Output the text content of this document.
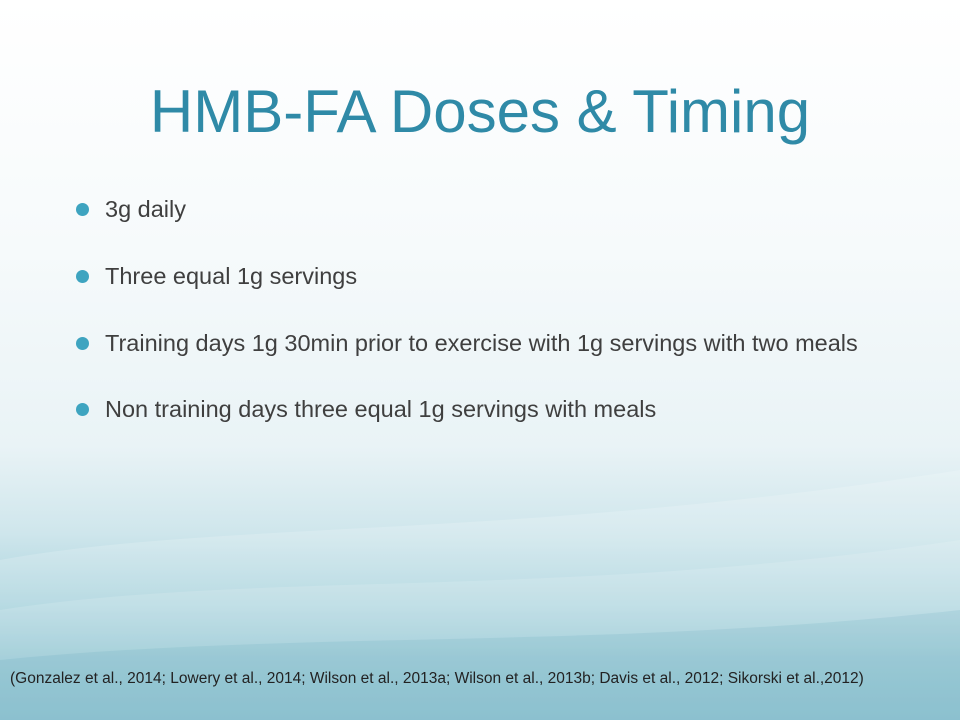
HMB-FA Doses & Timing
3g daily
Three equal 1g servings
Training days 1g 30min prior to exercise with 1g servings with two meals
Non training days three equal 1g servings with meals
(Gonzalez et al., 2014; Lowery et al., 2014; Wilson et al., 2013a; Wilson et al., 2013b; Davis et al., 2012; Sikorski et al.,2012)
